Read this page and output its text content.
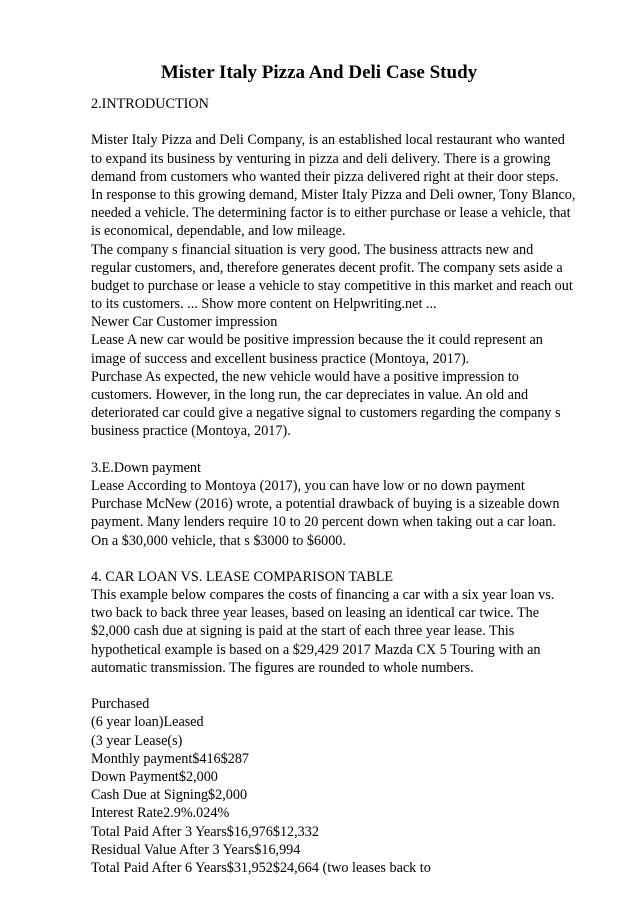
Mister Italy Pizza And Deli Case Study
2.INTRODUCTION
Mister Italy Pizza and Deli Company, is an established local restaurant who wanted
to expand its business by venturing in pizza and deli delivery. There is a growing
demand from customers who wanted their pizza delivered right at their door steps.
In response to this growing demand, Mister Italy Pizza and Deli owner, Tony Blanco,
needed a vehicle. The determining factor is to either purchase or lease a vehicle, that
is economical, dependable, and low mileage.
The company s financial situation is very good. The business attracts new and
regular customers, and, therefore generates decent profit. The company sets aside a
budget to purchase or lease a vehicle to stay competitive in this market and reach out
to its customers. ... Show more content on Helpwriting.net ...
Newer Car Customer impression
Lease A new car would be positive impression because the it could represent an
image of success and excellent business practice (Montoya, 2017).
Purchase As expected, the new vehicle would have a positive impression to
customers. However, in the long run, the car depreciates in value. An old and
deteriorated car could give a negative signal to customers regarding the company s
business practice (Montoya, 2017).
3.E.Down payment
Lease According to Montoya (2017), you can have low or no down payment
Purchase McNew (2016) wrote, a potential drawback of buying is a sizeable down
payment. Many lenders require 10 to 20 percent down when taking out a car loan.
On a $30,000 vehicle, that s $3000 to $6000.
4. CAR LOAN VS. LEASE COMPARISON TABLE
This example below compares the costs of financing a car with a six year loan vs.
two back to back three year leases, based on leasing an identical car twice. The
$2,000 cash due at signing is paid at the start of each three year lease. This
hypothetical example is based on a $29,429 2017 Mazda CX 5 Touring with an
automatic transmission. The figures are rounded to whole numbers.
Purchased
(6 year loan)Leased
(3 year Lease(s)
Monthly payment$416$287
Down Payment$2,000
Cash Due at Signing$2,000
Interest Rate2.9%.024%
Total Paid After 3 Years$16,976$12,332
Residual Value After 3 Years$16,994
Total Paid After 6 Years$31,952$24,664 (two leases back to
